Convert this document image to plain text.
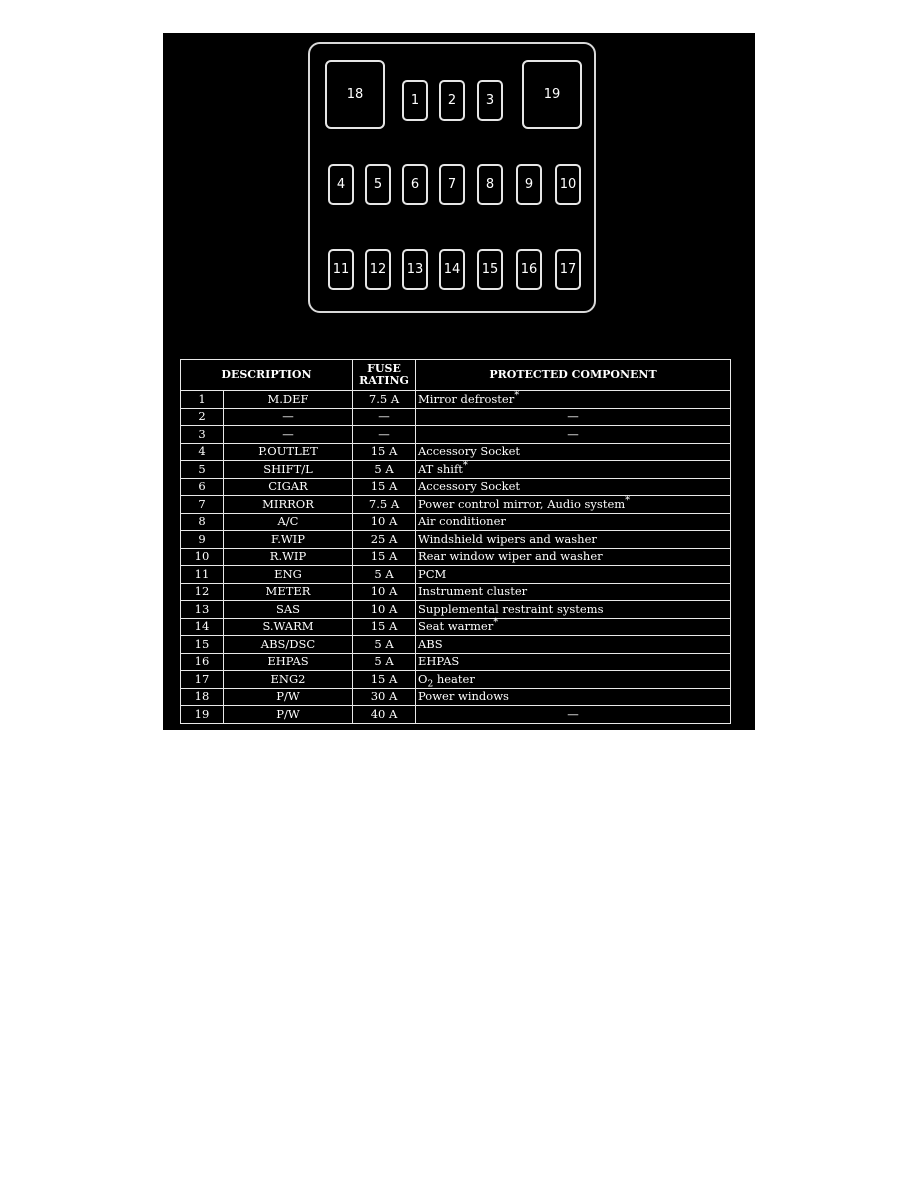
18	1	2	3	19
4	5	6	7	8	9	10
11	12	13	14	15	16	17
DESCRIPTION		FUSE
RATING	PROTECTED COMPONENT
1	M.DEF	7.5 A	Mirror defroster*
2	—	—	—
3	—	—	—
4	P.OUTLET	15 A	Accessory Socket
5	SHIFT/L	5 A	AT shift*
6	CIGAR	15 A	Accessory Socket
7	MIRROR	7.5 A	Power control mirror, Audio system*
8	A/C	10 A	Air conditioner
9	F.WIP	25 A	Windshield wipers and washer
10	R.WIP	15 A	Rear window wiper and washer
11	ENG	5 A	PCM
12	METER	10 A	Instrument cluster
13	SAS	10 A	Supplemental restraint systems
14	S.WARM	15 A	Seat warmer*
15	ABS/DSC	5 A	ABS
16	EHPAS	5 A	EHPAS
17	ENG2	15 A	$O_2$ heater
18	P/W	30 A	Power windows
19	P/W	40 A	—
